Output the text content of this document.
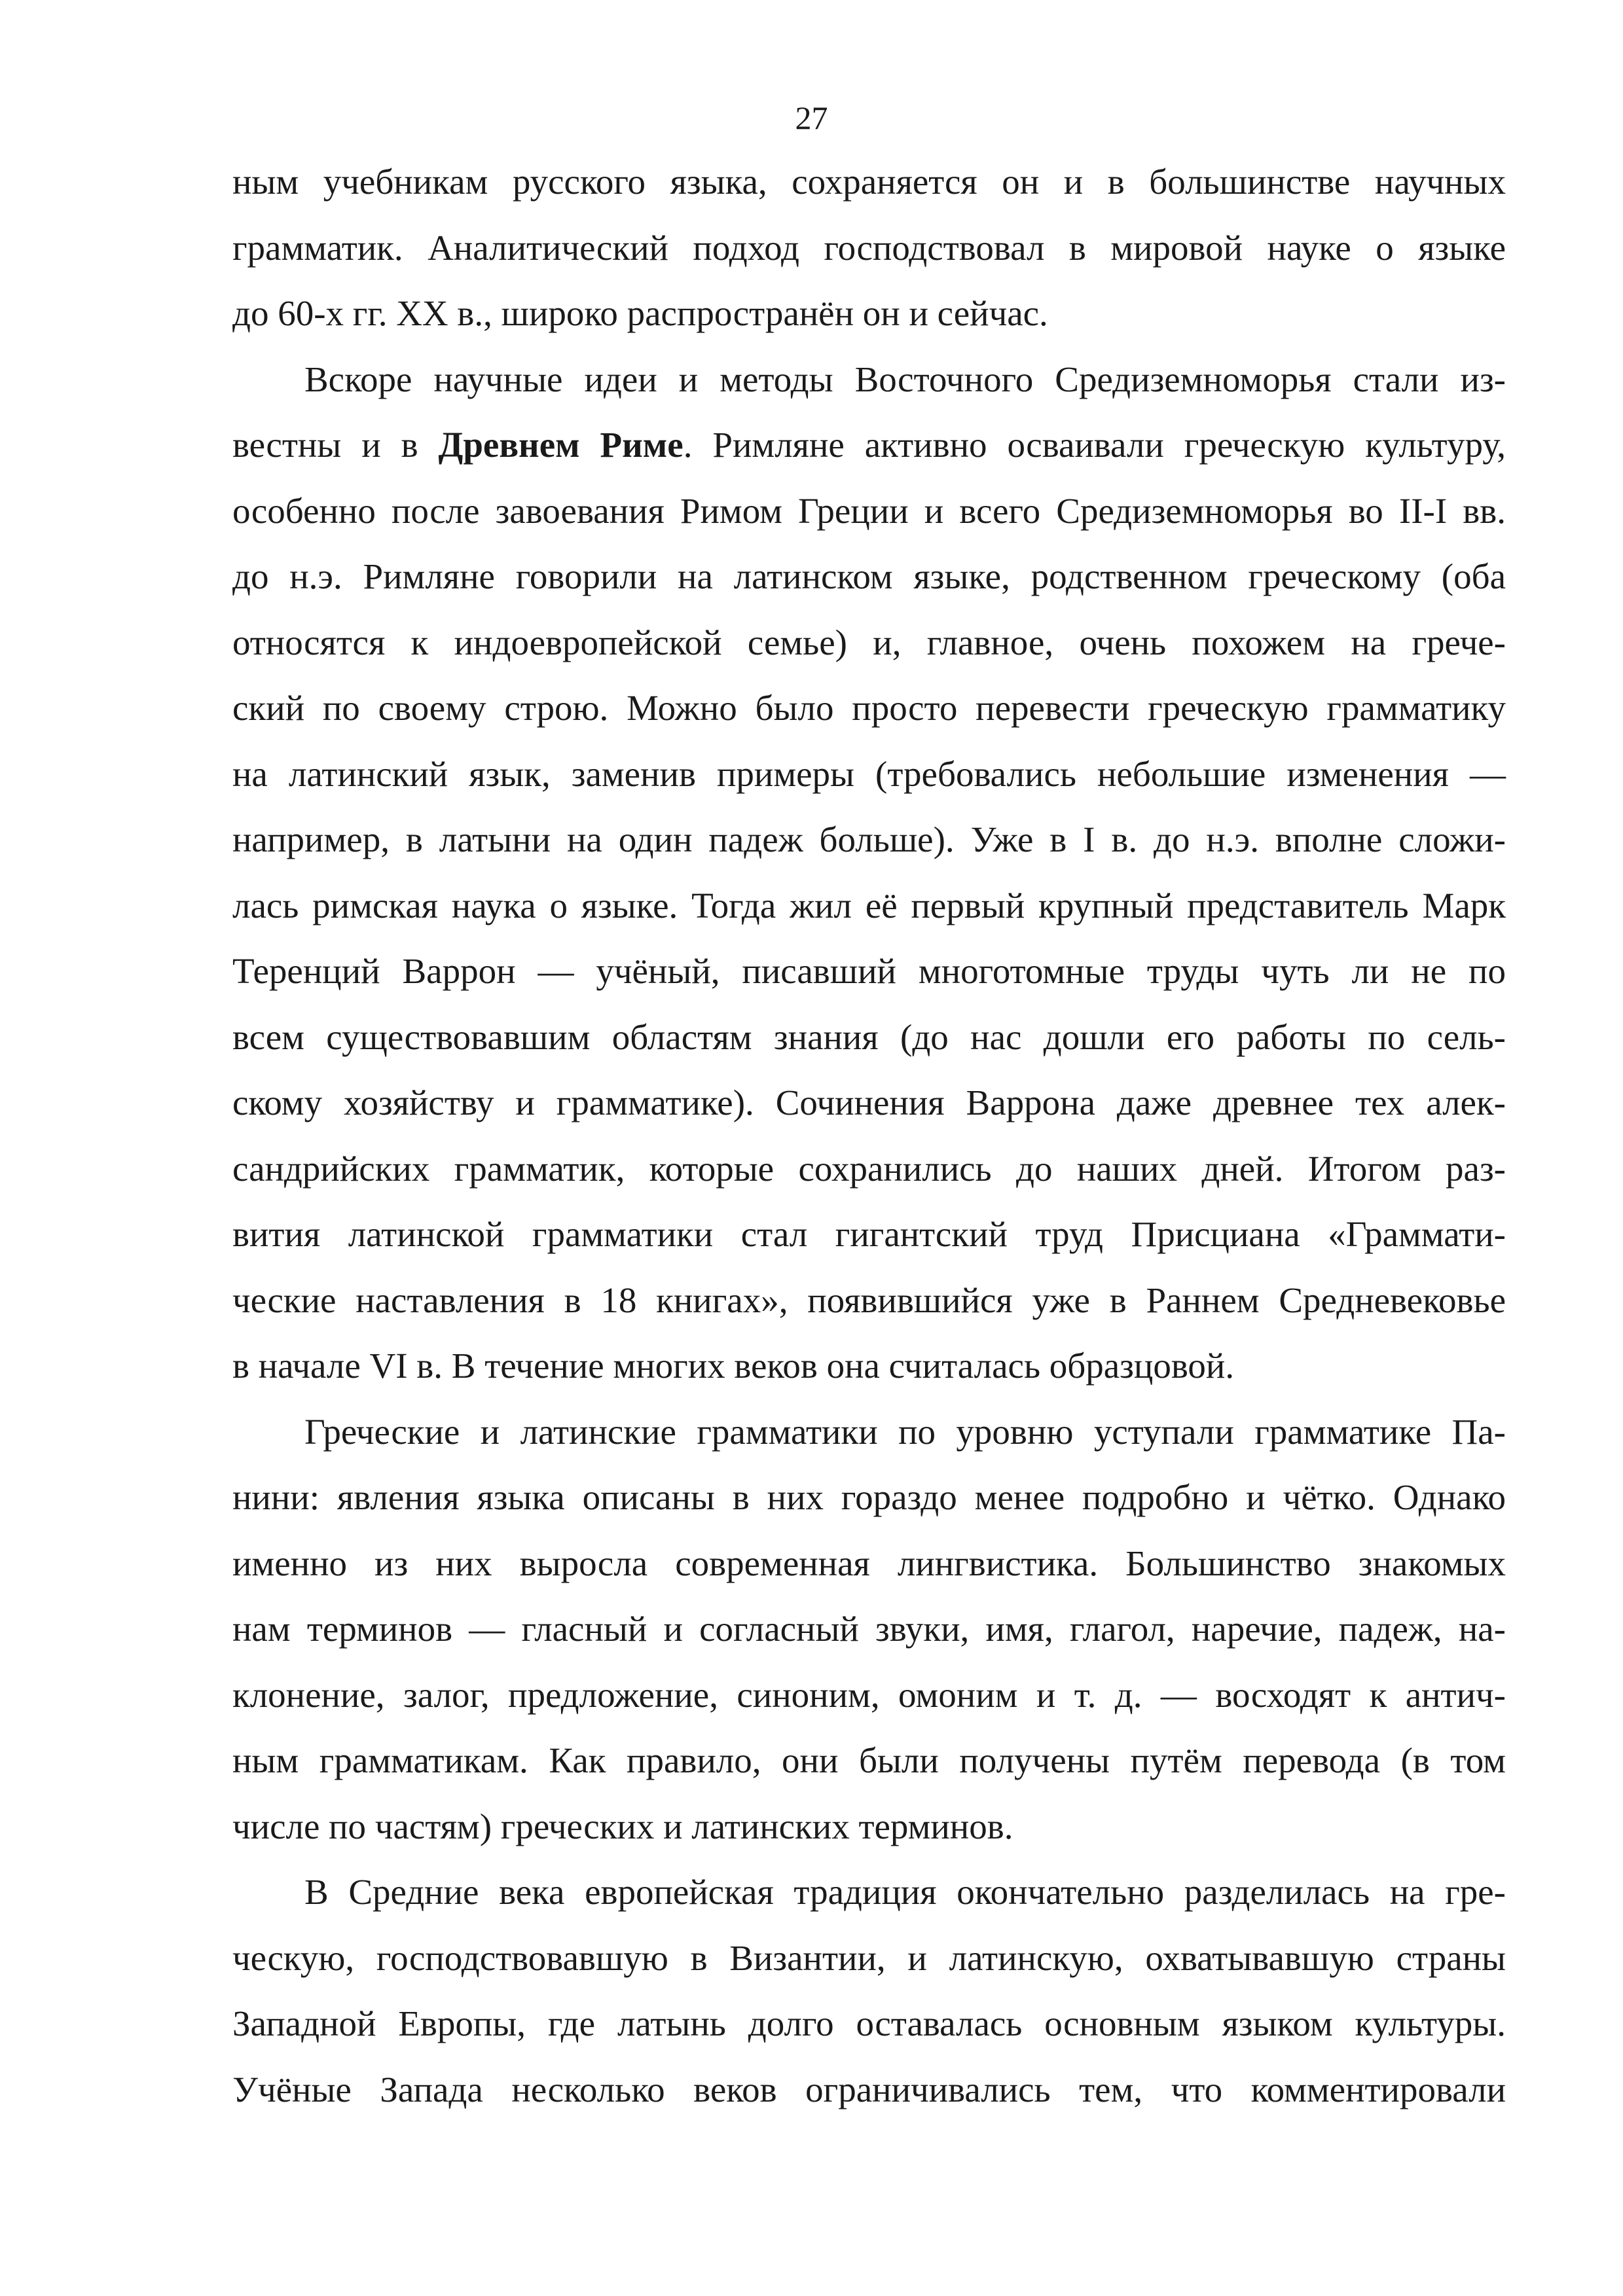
27
ным учебникам русского языка, сохраняется он и в большинстве научных
грамматик. Аналитический подход господствовал в мировой науке о языке
до 60-х гг. XX в., широко распространён он и сейчас.
Вскоре научные идеи и методы Восточного Средиземноморья стали из-
вестны и в Древнем Риме. Римляне активно осваивали греческую культуру,
особенно после завоевания Римом Греции и всего Средиземноморья во II-I вв.
до н.э. Римляне говорили на латинском языке, родственном греческому (оба
относятся к индоевропейской семье) и, главное, очень похожем на грече-
ский по своему строю. Можно было просто перевести греческую грамматику
на латинский язык, заменив примеры (требовались небольшие изменения —
например, в латыни на один падеж больше). Уже в I в. до н.э. вполне сложи-
лась римская наука о языке. Тогда жил её первый крупный представитель Марк
Теренций Варрон — учёный, писавший многотомные труды чуть ли не по
всем существовавшим областям знания (до нас дошли его работы по сель-
скому хозяйству и грамматике). Сочинения Варрона даже древнее тех алек-
сандрийских грамматик, которые сохранились до наших дней. Итогом раз-
вития латинской грамматики стал гигантский труд Присциана «Граммати-
ческие наставления в 18 книгах», появившийся уже в Раннем Средневековье
в начале VI в. В течение многих веков она считалась образцовой.
Греческие и латинские грамматики по уровню уступали грамматике Па-
нини: явления языка описаны в них гораздо менее подробно и чётко. Однако
именно из них выросла современная лингвистика. Большинство знакомых
нам терминов — гласный и согласный звуки, имя, глагол, наречие, падеж, на-
клонение, залог, предложение, синоним, омоним и т. д. — восходят к антич-
ным грамматикам. Как правило, они были получены путём перевода (в том
числе по частям) греческих и латинских терминов.
В Средние века европейская традиция окончательно разделилась на гре-
ческую, господствовавшую в Византии, и латинскую, охватывавшую страны
Западной Европы, где латынь долго оставалась основным языком культуры.
Учёные Запада несколько веков ограничивались тем, что комментировали
